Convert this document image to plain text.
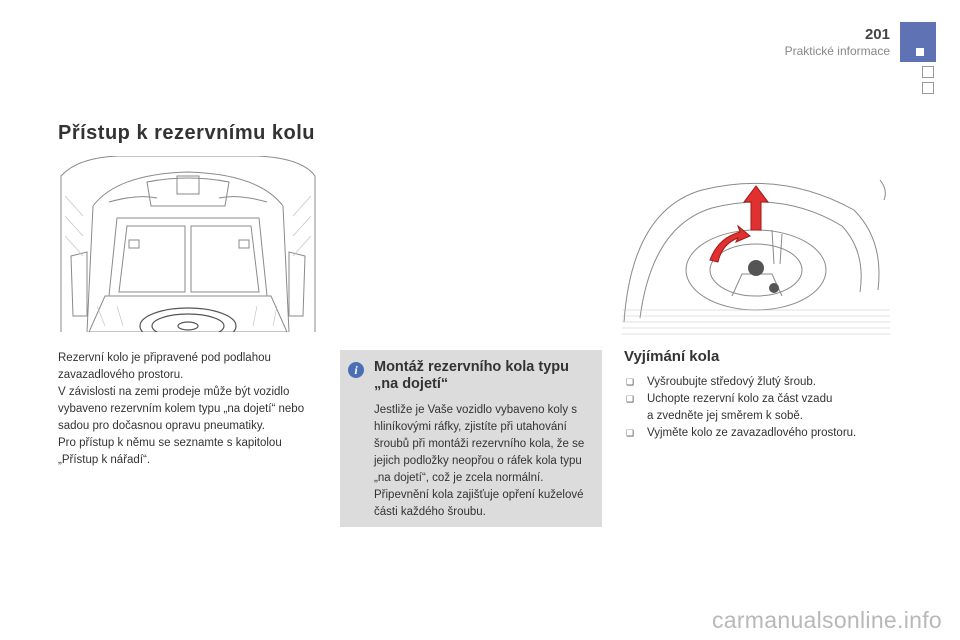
201
Praktické informace
Přístup k rezervnímu kolu

Rezervní kolo je připravené pod podlahou zavazadlového prostoru.
V závislosti na zemi prodeje může být vozidlo vybaveno rezervním kolem typu „na dojetí“ nebo sadou pro dočasnou opravu pneumatiky.
Pro přístup k němu se seznamte s kapitolou „Přístup k nářadí“.

i	Montáž rezervního kola typu „na dojetí“

Jestliže je Vaše vozidlo vybaveno koly s hliníkovými ráfky, zjistíte při utahování šroubů při montáži rezervního kola, že se jejich podložky neopřou o ráfek kola typu „na dojetí“, což je zcela normální. Připevnění kola zajišťuje opření kuželové části každého šroubu.

Vyjímání kola
❑ Vyšroubujte středový žlutý šroub.
❑ Uchopte rezervní kolo za část vzadu
a zvedněte jej směrem k sobě.
❑ Vyjměte kolo ze zavazadlového prostoru.
carmanualsonline.info
